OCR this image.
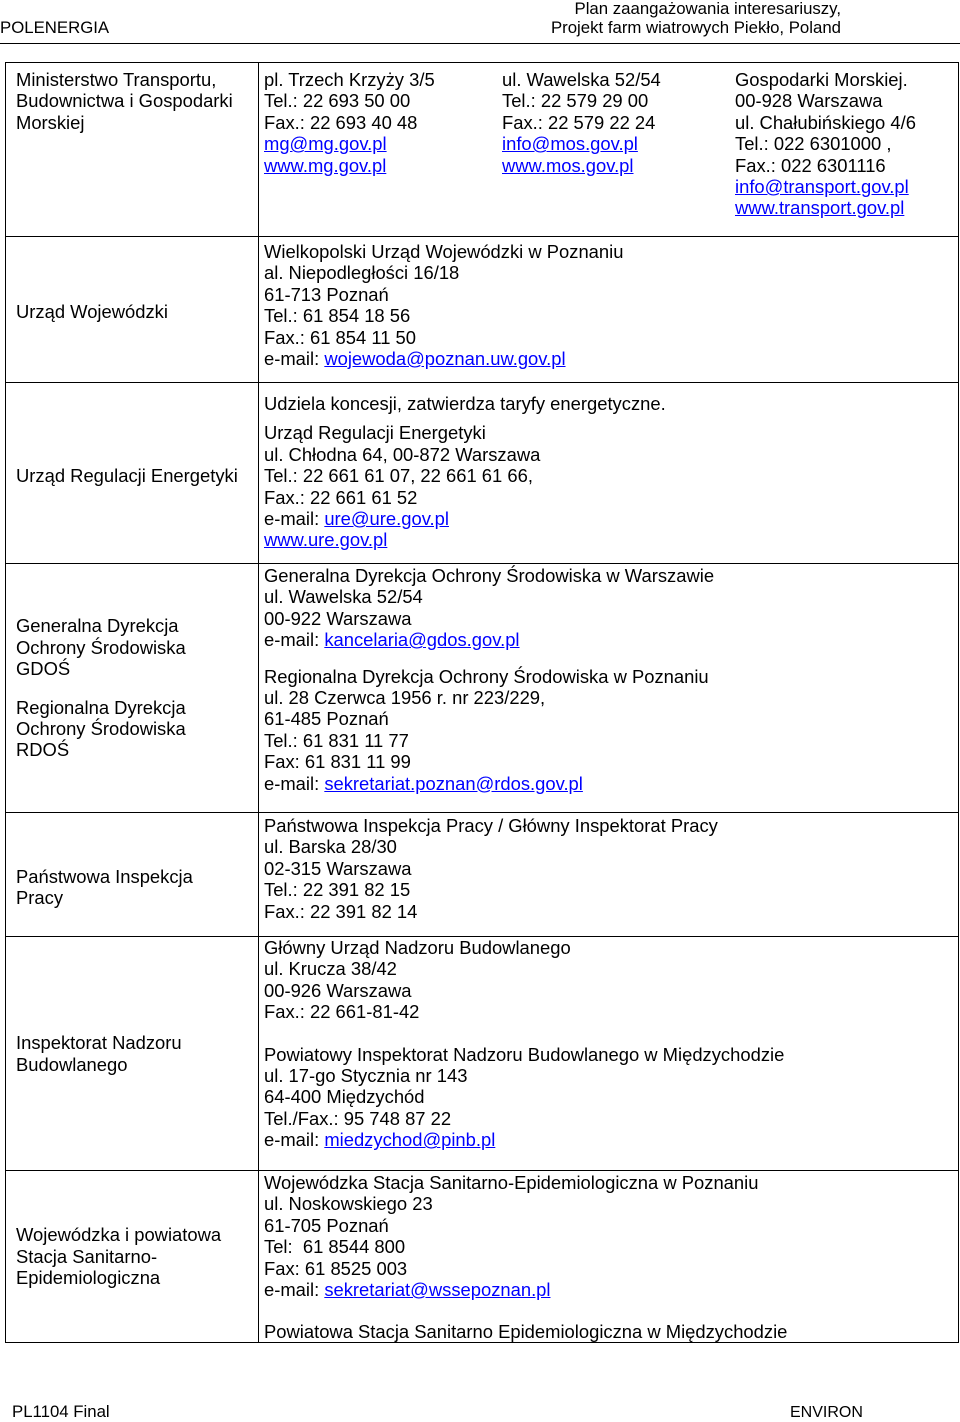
POLENERGIA
Plan zaangażowania interesariuszy,
Projekt farm wiatrowych Piekło, Poland
Ministerstwo Transportu,
Budownictwa i Gospodarki
Morskiej
pl. Trzech Krzyży 3/5
Tel.: 22 693 50 00
Fax.: 22 693 40 48
mg@mg.gov.pl
www.mg.gov.pl
ul. Wawelska 52/54
Tel.: 22 579 29 00
Fax.: 22 579 22 24
info@mos.gov.pl
www.mos.gov.pl
Gospodarki Morskiej.
00-928 Warszawa
ul. Chałubińskiego 4/6
Tel.: 022 6301000 ,
Fax.: 022 6301116
info@transport.gov.pl
www.transport.gov.pl
Urząd Wojewódzki
Wielkopolski Urząd Wojewódzki w Poznaniu
al. Niepodległości 16/18
61-713 Poznań
Tel.: 61 854 18 56
Fax.: 61 854 11 50
e-mail: wojewoda@poznan.uw.gov.pl
Urząd Regulacji Energetyki
Udziela koncesji, zatwierdza taryfy energetyczne.
Urząd Regulacji Energetyki
ul. Chłodna 64, 00-872 Warszawa
Tel.: 22 661 61 07, 22 661 61 66,
Fax.: 22 661 61 52
e-mail: ure@ure.gov.pl
www.ure.gov.pl
Generalna Dyrekcja
Ochrony Środowiska
GDOŚ
Regionalna Dyrekcja
Ochrony Środowiska
RDOŚ
Generalna Dyrekcja Ochrony Środowiska w Warszawie
ul. Wawelska 52/54
00-922 Warszawa
e-mail: kancelaria@gdos.gov.pl
Regionalna Dyrekcja Ochrony Środowiska w Poznaniu
ul. 28 Czerwca 1956 r. nr 223/229,
61-485 Poznań
Tel.: 61 831 11 77
Fax: 61 831 11 99
e-mail: sekretariat.poznan@rdos.gov.pl
Państwowa Inspekcja
Pracy
Państwowa Inspekcja Pracy / Główny Inspektorat Pracy
ul. Barska 28/30
02-315 Warszawa
Tel.: 22 391 82 15
Fax.: 22 391 82 14
Inspektorat Nadzoru
Budowlanego
Główny Urząd Nadzoru Budowlanego
ul. Krucza 38/42
00-926 Warszawa
Fax.: 22 661-81-42
Powiatowy Inspektorat Nadzoru Budowlanego w Międzychodzie
ul. 17-go Stycznia nr 143
64-400 Międzychód
Tel./Fax.: 95 748 87 22
e-mail: miedzychod@pinb.pl
Wojewódzka i powiatowa
Stacja Sanitarno-
Epidemiologiczna
Wojewódzka Stacja Sanitarno-Epidemiologiczna w Poznaniu
ul. Noskowskiego 23
61-705 Poznań
Tel:  61 8544 800
Fax: 61 8525 003
e-mail: sekretariat@wssepoznan.pl
Powiatowa Stacja Sanitarno Epidemiologiczna w Międzychodzie
PL1104 Final	ENVIRON
